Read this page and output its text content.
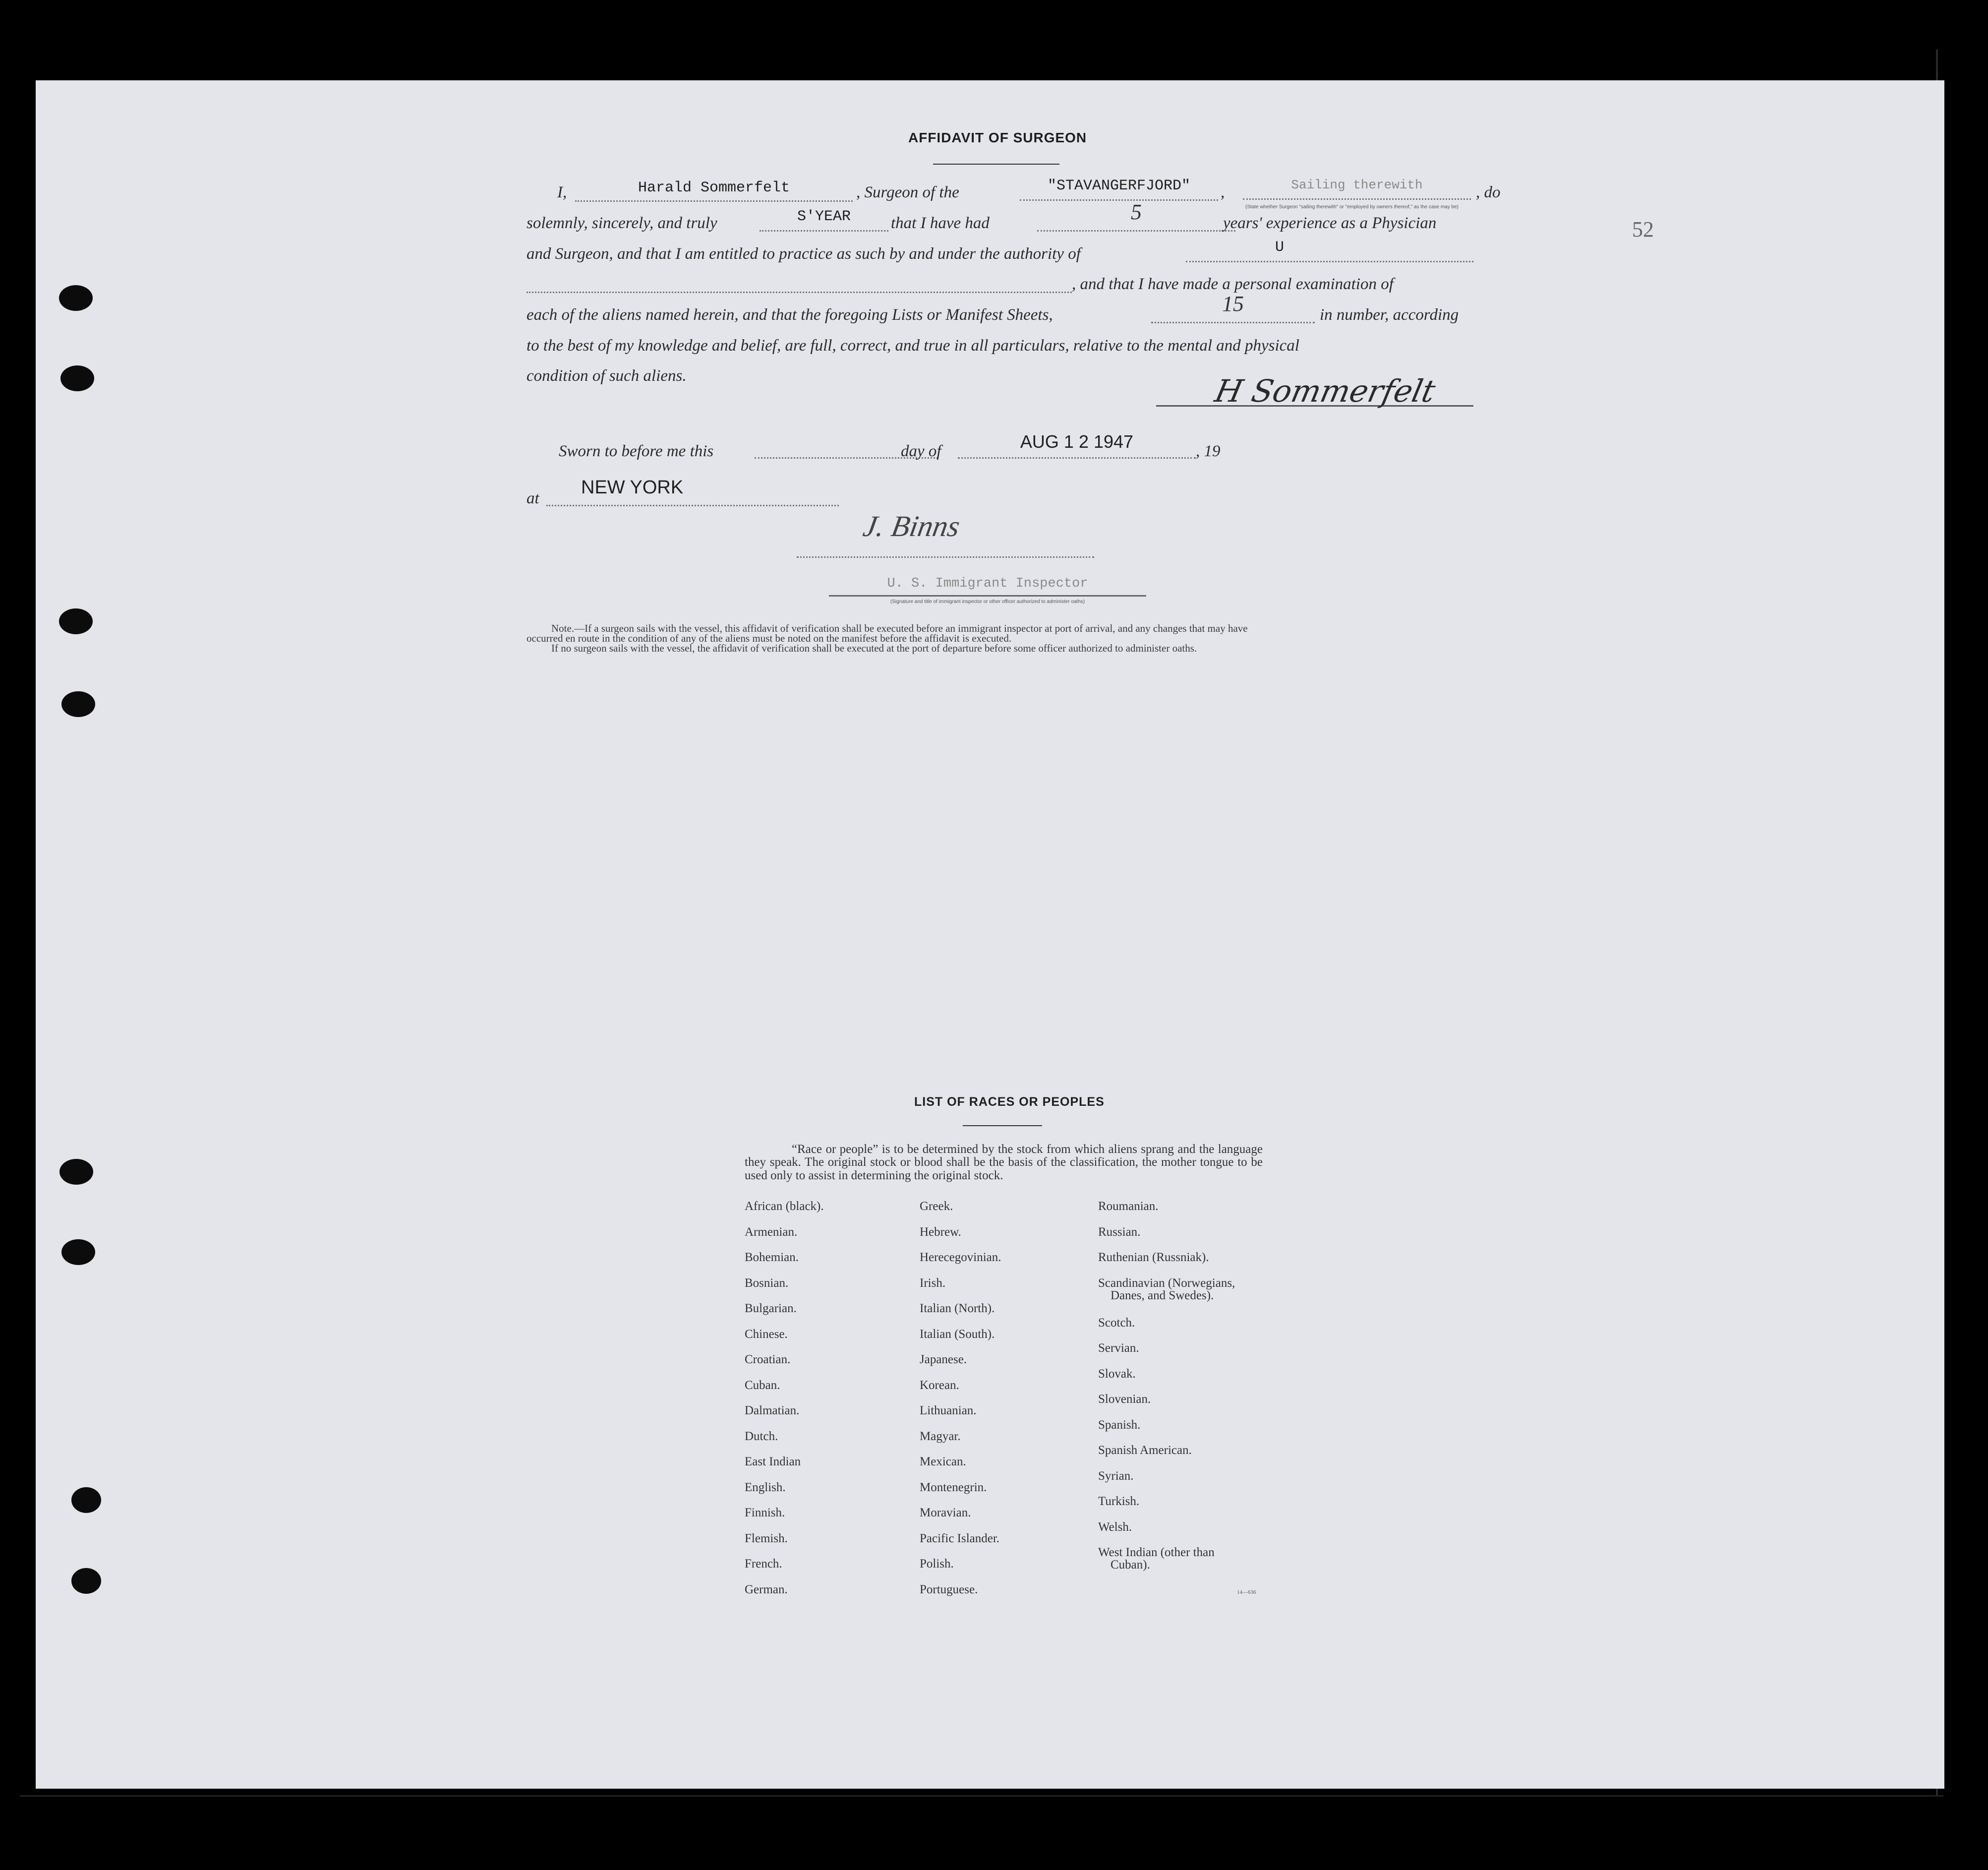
52
AFFIDAVIT OF SURGEON
I,	Harald Sommerfelt	, Surgeon of the	"STAVANGERFJORD"	,	Sailing therewith
(State whether Surgeon "sailing therewith" or "employed by owners thereof," as the case may be)
, do
solemnly, sincerely, and truly	S'YEAR	that I have had	5	years' experience as a Physician
and Surgeon, and that I am entitled to practice as such by and under the authority of	U
, and that I have made a personal examination of
each of the aliens named herein, and that the foregoing Lists or Manifest Sheets,	15	in number, according
to the best of my knowledge and belief, are full, correct, and true in all particulars, relative to the mental and physical
condition of such aliens.	H Sommerfelt
Sworn to before me this	day of	AUG 1 2 1947	, 19
at
NEW YORK
J. Binns
U. S. Immigrant Inspector
(Signature and title of immigrant inspector or other officer authorized to administer oaths)
Note.—If a surgeon sails with the vessel, this affidavit of verification shall be executed before an immigrant inspector at port of arrival, and any changes that may have
occurred en route in the condition of any of the aliens must be noted on the manifest before the affidavit is executed.
If no surgeon sails with the vessel, the affidavit of verification shall be executed at the port of departure before some officer authorized to administer oaths.
LIST OF RACES OR PEOPLES
“Race or people” is to be determined by the stock from which aliens sprang and the language they speak. The original stock or blood shall be the basis of the classification, the mother tongue to be used only to assist in determining the original stock.
African (black).
Armenian.
Bohemian.
Bosnian.
Bulgarian.
Chinese.
Croatian.
Cuban.
Dalmatian.
Dutch.
East Indian
English.
Finnish.
Flemish.
French.
German.
Greek.
Hebrew.
Herecegovinian.
Irish.
Italian (North).
Italian (South).
Japanese.
Korean.
Lithuanian.
Magyar.
Mexican.
Montenegrin.
Moravian.
Pacific Islander.
Polish.
Portuguese.
Roumanian.
Russian.
Ruthenian (Russniak).
Scandinavian (Norwegians,
Danes, and Swedes).
Scotch.
Servian.
Slovak.
Slovenian.
Spanish.
Spanish American.
Syrian.
Turkish.
Welsh.
West Indian (other than
Cuban).
14—636
